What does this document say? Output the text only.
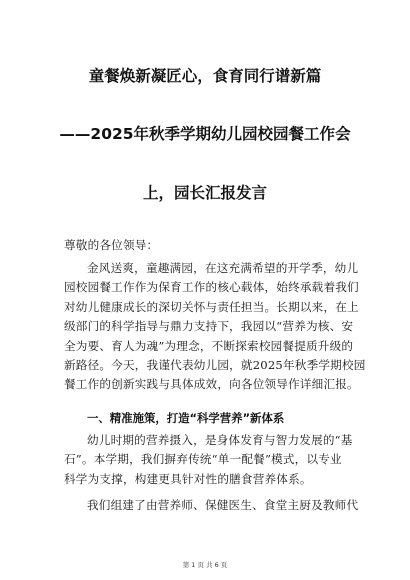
童餐焕新凝匠心，食育同行谱新篇
——2025年秋季学期幼儿园校园餐工作会
上，园长汇报发言
尊敬的各位领导：
金风送爽，童趣满园，在这充满希望的开学季，幼儿
园校园餐工作作为保育工作的核心载体，始终承载着我们
对幼儿健康成长的深切关怀与责任担当。长期以来，在上
级部门的科学指导与鼎力支持下，我园以“营养为核、安
全为要、育人为魂”为理念，不断探索校园餐提质升级的
新路径。今天，我谨代表幼儿园，就2025年秋季学期校园
餐工作的创新实践与具体成效，向各位领导作详细汇报。
一、精准施策，打造“科学营养”新体系
幼儿时期的营养摄入，是身体发育与智力发展的“基
石”。本学期，我们摒弃传统“单一配餐”模式，以专业
科学为支撑，构建更具针对性的膳食营养体系。
我们组建了由营养师、保健医生、食堂主厨及教师代
第 1 页 共 6 页
